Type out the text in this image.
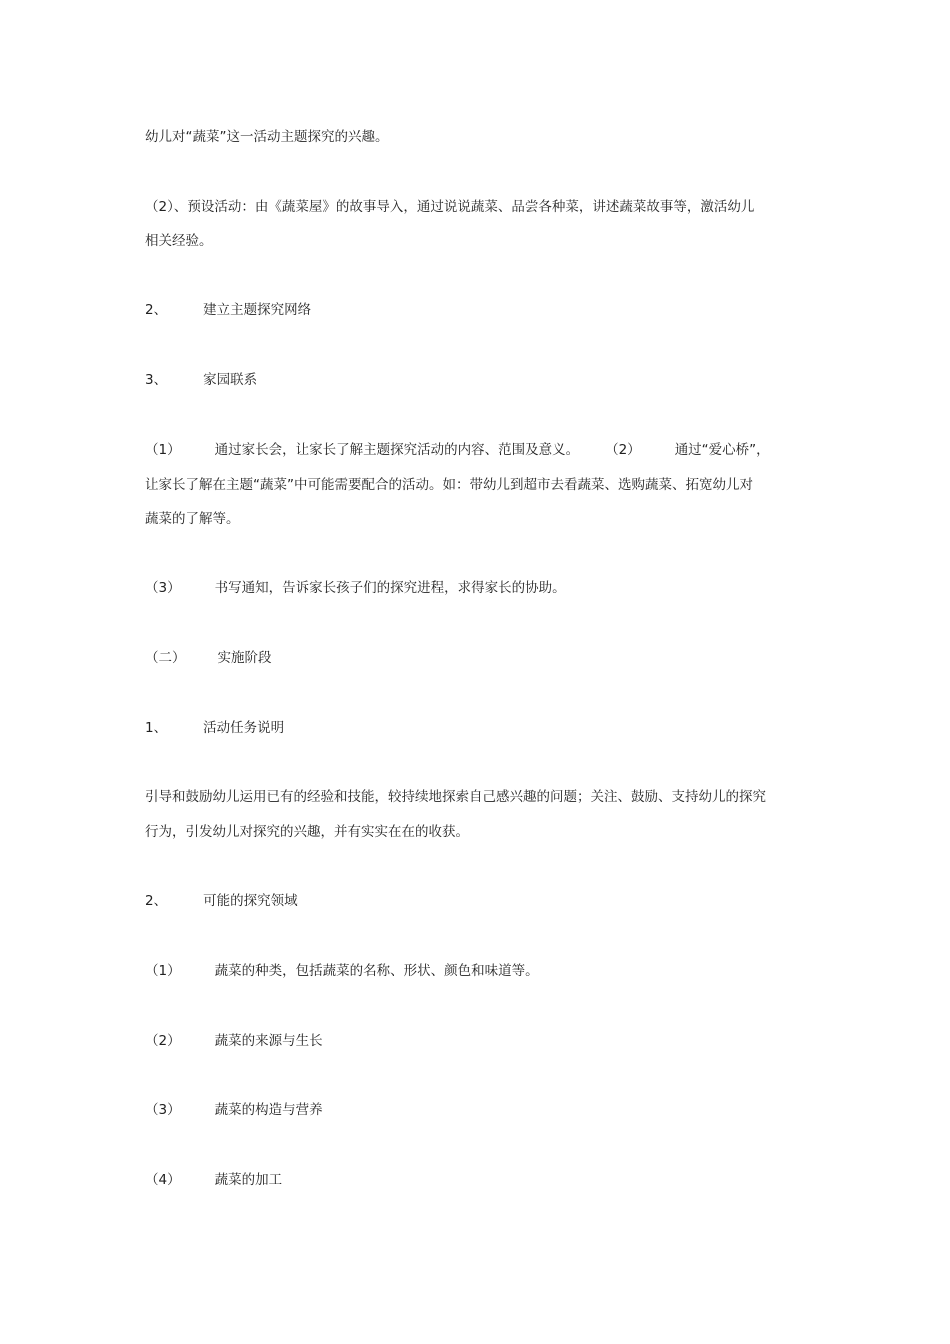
幼儿对“蔬菜”这一活动主题探究的兴趣。
（2）、预设活动：由《蔬菜屋》的故事导入，通过说说蔬菜、品尝各种菜，讲述蔬菜故事等，激活幼儿
相关经验。
2、	建立主题探究网络
3、	家园联系
（1）	通过家长会，让家长了解主题探究活动的内容、范围及意义。 （2）	通过“爱心桥”，
让家长了解在主题“蔬菜”中可能需要配合的活动。如：带幼儿到超市去看蔬菜、选购蔬菜、拓宽幼儿对
蔬菜的了解等。
（3）	书写通知，告诉家长孩子们的探究进程，求得家长的协助。
（二） 实施阶段
1、	活动任务说明
引导和鼓励幼儿运用已有的经验和技能，较持续地探索自己感兴趣的问题；关注、鼓励、支持幼儿的探究
行为，引发幼儿对探究的兴趣，并有实实在在的收获。
2、	可能的探究领域
（1）	蔬菜的种类，包括蔬菜的名称、形状、颜色和味道等。
（2）	蔬菜的来源与生长
（3）	蔬菜的构造与营养
（4）	蔬菜的加工
